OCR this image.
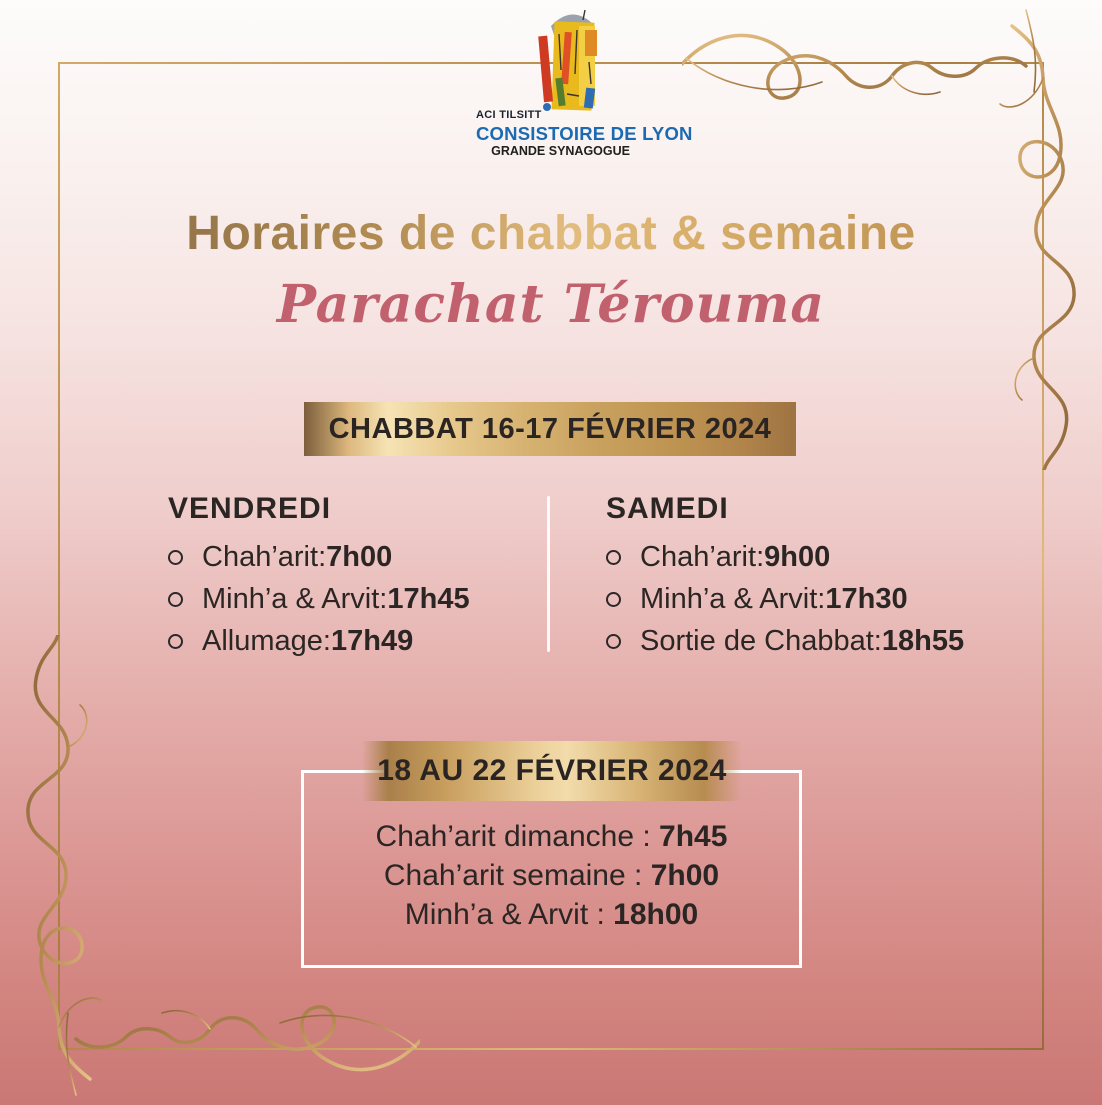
ACI TILSITT
CONSISTOIRE DE LYON
GRANDE SYNAGOGUE
Horaires de chabbat & semaine
Parachat Térouma
CHABBAT 16-17 FÉVRIER 2024
VENDREDI
Chah’arit : 7h00
Minh’a & Arvit : 17h45
Allumage : 17h49
SAMEDI
Chah’arit : 9h00
Minh’a & Arvit : 17h30
Sortie de Chabbat : 18h55
18 AU 22 FÉVRIER 2024
Chah’arit dimanche : 7h45
Chah’arit semaine : 7h00
Minh’a & Arvit : 18h00
